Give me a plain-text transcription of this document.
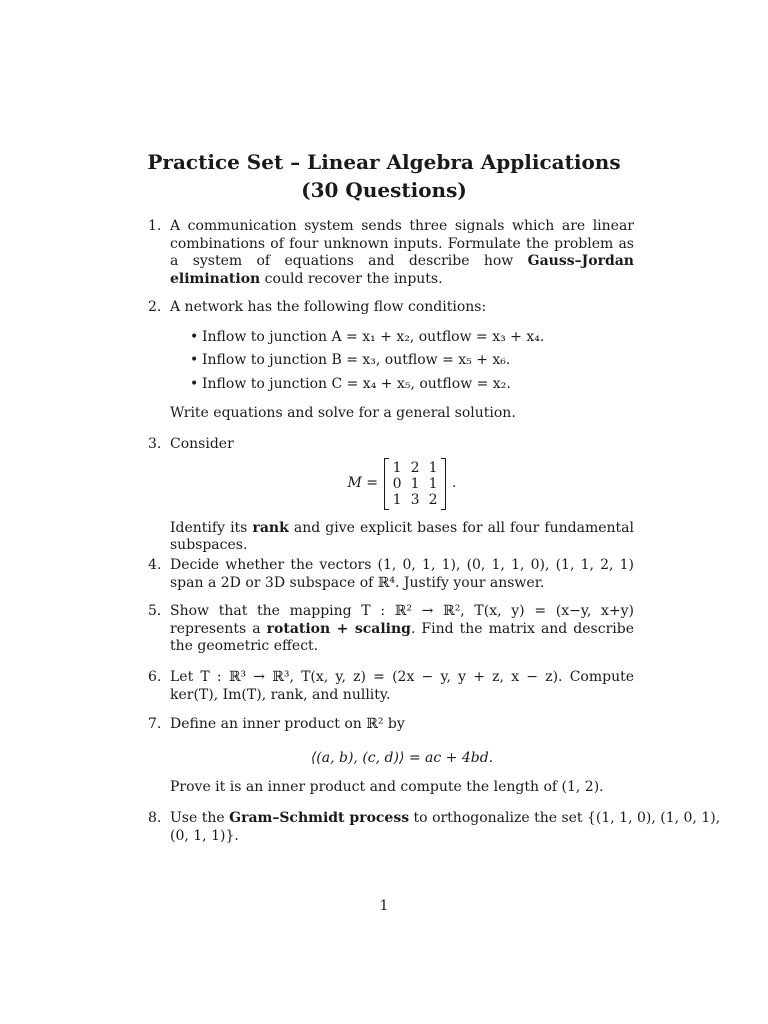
Practice Set – Linear Algebra Applications
(30 Questions)
1. A communication system sends three signals which are linear combinations of four unknown inputs. Formulate the problem as a system of equations and describe how Gauss–Jordan elimination could recover the inputs.
2. A network has the following flow conditions:
• Inflow to junction A = x₁ + x₂, outflow = x₃ + x₄.
• Inflow to junction B = x₃, outflow = x₅ + x₆.
• Inflow to junction C = x₄ + x₅, outflow = x₂.
Write equations and solve for a general solution.
3. Consider
M =
1 2 1
0 1 1
1 3 2
.
Identify its rank and give explicit bases for all four fundamental subspaces.
4. Decide whether the vectors (1, 0, 1, 1), (0, 1, 1, 0), (1, 1, 2, 1) span a 2D or 3D subspace of ℝ⁴. Justify your answer.
5. Show that the mapping T : ℝ² → ℝ², T(x, y) = (x−y, x+y) represents a rotation + scaling. Find the matrix and describe the geometric effect.
6. Let T : ℝ³ → ℝ³, T(x, y, z) = (2x − y, y + z, x − z). Compute ker(T), Im(T), rank, and nullity.
7. Define an inner product on ℝ² by
⟨(a, b), (c, d)⟩ = ac + 4bd.
Prove it is an inner product and compute the length of (1, 2).
8. Use the Gram–Schmidt process to orthogonalize the set {(1, 1, 0), (1, 0, 1), (0, 1, 1)}.
1
